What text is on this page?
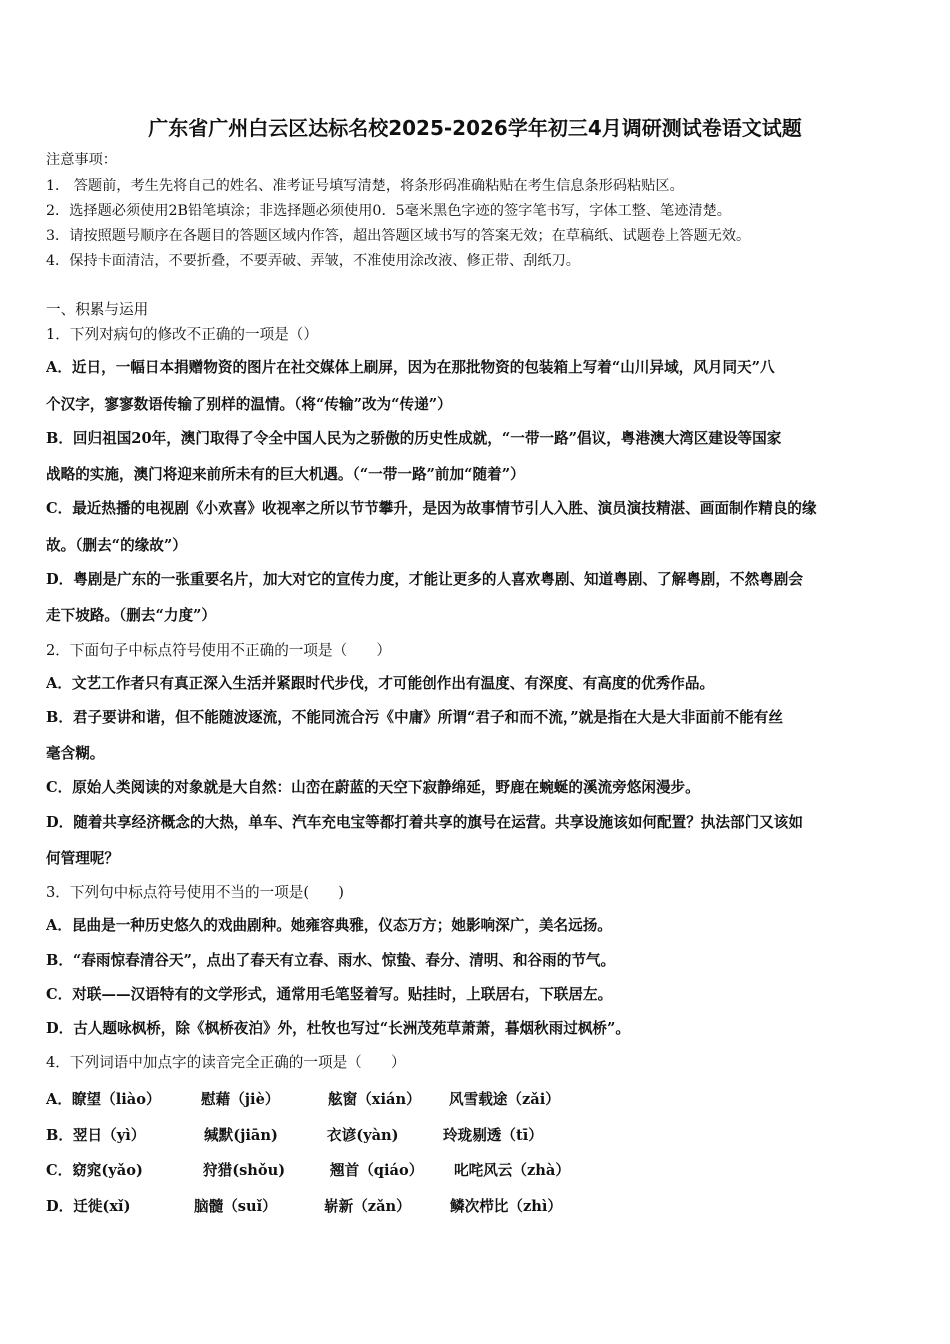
广东省广州白云区达标名校2025-2026学年初三4月调研测试卷语文试题
注意事项：
1． 答题前，考生先将自己的姓名、准考证号填写清楚，将条形码准确粘贴在考生信息条形码粘贴区。
2．选择题必须使用2B铅笔填涂；非选择题必须使用0．5毫米黑色字迹的签字笔书写，字体工整、笔迹清楚。
3．请按照题号顺序在各题目的答题区域内作答，超出答题区域书写的答案无效；在草稿纸、试题卷上答题无效。
4．保持卡面清洁，不要折叠，不要弄破、弄皱，不准使用涂改液、修正带、刮纸刀。
一、积累与运用
1．下列对病句的修改不正确的一项是（）
A．近日，一幅日本捐赠物资的图片在社交媒体上刷屏，因为在那批物资的包装箱上写着“山川异域，风月同天”八
个汉字，寥寥数语传输了别样的温情。（将“传输”改为“传递”）
B．回归祖国20年，澳门取得了令全中国人民为之骄傲的历史性成就，“一带一路”倡议，粤港澳大湾区建设等国家
战略的实施，澳门将迎来前所未有的巨大机遇。（“一带一路”前加“随着”）
C．最近热播的电视剧《小欢喜》收视率之所以节节攀升，是因为故事情节引人入胜、演员演技精湛、画面制作精良的缘
故。（删去“的缘故”）
D．粤剧是广东的一张重要名片，加大对它的宣传力度，才能让更多的人喜欢粤剧、知道粤剧、了解粤剧，不然粤剧会
走下坡路。（删去“力度”）
2．下面句子中标点符号使用不正确的一项是（　　）
A．文艺工作者只有真正深入生活并紧跟时代步伐，才可能创作出有温度、有深度、有高度的优秀作品。
B．君子要讲和谐，但不能随波逐流，不能同流合污《中庸》所谓“君子和而不流，”就是指在大是大非面前不能有丝
毫含糊。
C．原始人类阅读的对象就是大自然：山峦在蔚蓝的天空下寂静绵延，野鹿在蜿蜒的溪流旁悠闲漫步。
D．随着共享经济概念的大热，单车、汽车充电宝等都打着共享的旗号在运营。共享设施该如何配置？执法部门又该如
何管理呢？
3．下列句中标点符号使用不当的一项是(　　)
A．昆曲是一种历史悠久的戏曲剧种。她雍容典雅，仪态万方；她影响深广，美名远扬。
B．“春雨惊春清谷天”，点出了春天有立春、雨水、惊蛰、春分、清明、和谷雨的节气。
C．对联——汉语特有的文学形式，通常用毛笔竖着写。贴挂时，上联居右，下联居左。
D．古人题咏枫桥，除《枫桥夜泊》外，杜牧也写过“长洲茂苑草萧萧，暮烟秋雨过枫桥”。
4．下列词语中加点字的读音完全正确的一项是（　　）
A．瞭望（liào）	慰藉（jiè）	舷窗（xián） 风雪载途（zǎi）
B．翌日（yì）	缄默(jiān)	衣谚(yàn)	玲珑剔透（tī）
C．窈窕(yǎo)	狩猎(shǒu)	翘首（qiáo） 叱咤风云（zhà）
D．迁徙(xǐ)	脑髓（suǐ）	崭新（zǎn）	鳞次栉比（zhì）
